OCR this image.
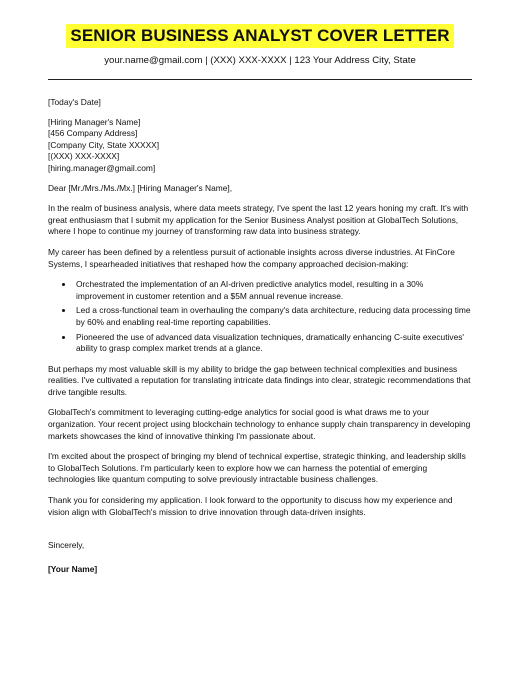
SENIOR BUSINESS ANALYST COVER LETTER
your.name@gmail.com | (XXX) XXX-XXXX | 123 Your Address City, State
[Today's Date]
[Hiring Manager's Name]
[456 Company Address]
[Company City, State XXXXX]
[(XXX) XXX-XXXX]
[hiring.manager@gmail.com]
Dear [Mr./Mrs./Ms./Mx.] [Hiring Manager's Name],

In the realm of business analysis, where data meets strategy, I've spent the last 12 years honing my craft. It's with great enthusiasm that I submit my application for the Senior Business Analyst position at GlobalTech Solutions, where I hope to continue my journey of transforming raw data into business strategy.

My career has been defined by a relentless pursuit of actionable insights across diverse industries. At FinCore Systems, I spearheaded initiatives that reshaped how the company approached decision-making:

• Orchestrated the implementation of an AI-driven predictive analytics model, resulting in a 30% improvement in customer retention and a $5M annual revenue increase.
• Led a cross-functional team in overhauling the company's data architecture, reducing data processing time by 60% and enabling real-time reporting capabilities.
• Pioneered the use of advanced data visualization techniques, dramatically enhancing C-suite executives' ability to grasp complex market trends at a glance.

But perhaps my most valuable skill is my ability to bridge the gap between technical complexities and business realities. I've cultivated a reputation for translating intricate data findings into clear, strategic recommendations that drive tangible results.

GlobalTech's commitment to leveraging cutting-edge analytics for social good is what draws me to your organization. Your recent project using blockchain technology to enhance supply chain transparency in developing markets showcases the kind of innovative thinking I'm passionate about.

I'm excited about the prospect of bringing my blend of technical expertise, strategic thinking, and leadership skills to GlobalTech Solutions. I'm particularly keen to explore how we can harness the potential of emerging technologies like quantum computing to solve previously intractable business challenges.

Thank you for considering my application. I look forward to the opportunity to discuss how my experience and vision align with GlobalTech's mission to drive innovation through data-driven insights.

Sincerely,
[Your Name]
